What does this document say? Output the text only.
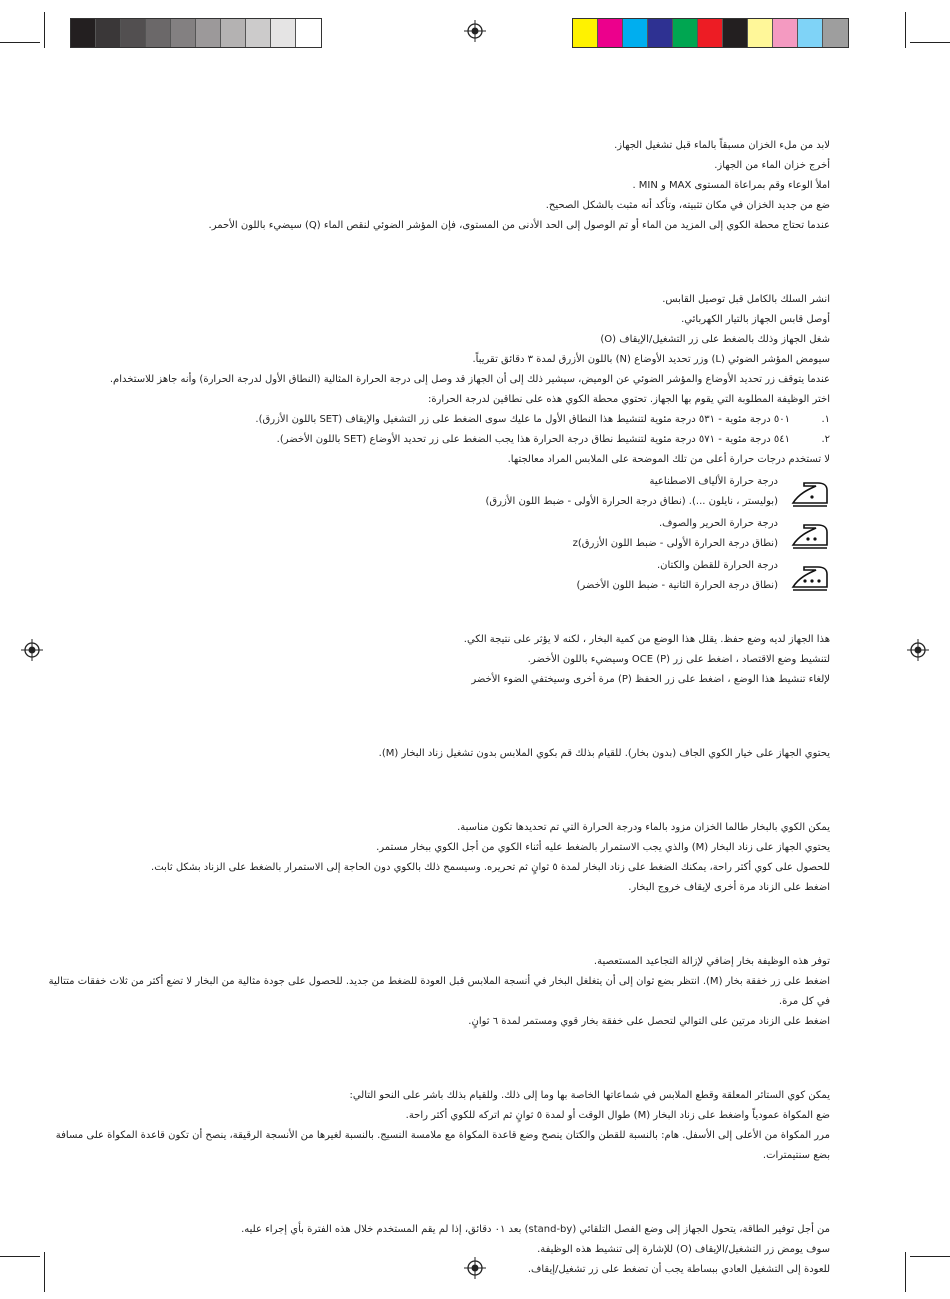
لابد من ملء الخزان مسبقاً بالماء قبل تشغيل الجهاز.
أخرج خزان الماء من الجهاز.
املأ الوعاء وقم بمراعاة المستوى MAX و MIN .
ضع من جديد الخزان في مكان تثبيته، وتأكد أنه مثبت بالشكل الصحيح.
عندما تحتاج محطة الكوي إلى المزيد من الماء أو تم الوصول إلى الحد الأدنى من المستوى، فإن المؤشر الضوئي لنقص الماء (Q) سيضيء باللون الأحمر.
انشر السلك بالكامل قبل توصيل القابس.
أوصل قابس الجهاز بالتيار الكهربائي.
شغل الجهاز وذلك بالضغط على زر التشغيل/الإيقاف (O)
سيومض المؤشر الضوئي (L) وزر تحديد الأوضاع (N) باللون الأزرق لمدة ٣ دقائق تقريباً.
عندما يتوقف زر تحديد الأوضاع والمؤشر الضوئي عن الوميض، سيشير ذلك إلى أن الجهاز قد وصل إلى درجة الحرارة المثالية (النطاق الأول لدرجة الحرارة) وأنه جاهز للاستخدام.
اختر الوظيفة المطلوبة التي يقوم بها الجهاز. تحتوي محطة الكوي هذه على نطاقين لدرجة الحرارة:
١.
٥٠١ درجة مئوية - ٥٣١ درجة مئوية لتنشيط هذا النطاق الأول ما عليك سوى الضغط على زر التشغيل والإيقاف (SET باللون الأزرق).
٢.
٥٤١ درجة مئوية - ٥٧١ درجة مئوية لتنشيط نطاق درجة الحرارة هذا يجب الضغط على زر تحديد الأوضاع (SET باللون الأخضر).
لا تستخدم درجات حرارة أعلى من تلك الموضحة على الملابس المراد معالجتها.
درجة حرارة الألياف الاصطناعية
(بوليستر ، نايلون ...). (نطاق درجة الحرارة الأولى - ضبط اللون الأزرق)
درجة حرارة الحرير والصوف.
(نطاق درجة الحرارة الأولى - ضبط اللون الأزرق)z
درجة الحرارة للقطن والكتان.
(نطاق درجة الحرارة الثانية - ضبط اللون الأخضر)
هذا الجهاز لديه وضع حفظ. يقلل هذا الوضع من كمية البخار ، لكنه لا يؤثر على نتيجة الكي.
لتنشيط وضع الاقتصاد ، اضغط على زر OCE (P) وسيضيء باللون الأخضر.
لإلغاء تنشيط هذا الوضع ، اضغط على زر الحفظ (P) مرة أخرى وسيختفي الضوء الأخضر
يحتوي الجهاز على خيار الكوي الجاف (بدون بخار). للقيام بذلك قم بكوي الملابس بدون تشغيل زناد البخار (M).
يمكن الكوي بالبخار طالما الخزان مزود بالماء ودرجة الحرارة التي تم تحديدها تكون مناسبة.
يحتوي الجهاز على زناد البخار (M) والذي يجب الاستمرار بالضغط عليه أثناء الكوي من أجل الكوي ببخار مستمر.
للحصول على كوي أكثر راحة، يمكنك الضغط على زناد البخار لمدة ٥ ثوانٍ ثم تحريره. وسيسمح ذلك بالكوي دون الحاجة إلى الاستمرار بالضغط على الزناد بشكل ثابت.
اضغط على الزناد مرة أخرى لإيقاف خروج البخار.
توفر هذه الوظيفة بخار إضافي لإزالة التجاعيد المستعصية.
اضغط على زر خفقة بخار (M). انتظر بضع ثوان إلى أن يتغلغل البخار في أنسجة الملابس قبل العودة للضغط من جديد. للحصول على جودة مثالية من البخار لا تضع أكثر من ثلاث خفقات متتالية في كل مرة.
اضغط على الزناد مرتين على التوالي لتحصل على خفقة بخار قوي ومستمر لمدة ٦ ثوانٍ.
يمكن كوي الستائر المعلقة وقطع الملابس في شماعاتها الخاصة بها وما إلى ذلك. وللقيام بذلك باشر على النحو التالي:
ضع المكواة عمودياً واضغط على زناد البخار (M) طوال الوقت أو لمدة ٥ ثوانٍ ثم اتركه للكوي أكثر راحة.
مرر المكواة من الأعلى إلى الأسفل. هام: بالنسبة للقطن والكتان ينصح وضع قاعدة المكواة مع ملامسة النسيج. بالنسبة لغيرها من الأنسجة الرقيقة، ينصح أن تكون قاعدة المكواة على مسافة بضع سنتيمترات.
من أجل توفير الطاقة، يتحول الجهاز إلى وضع الفصل التلقائي (stand-by) بعد ٠١ دقائق، إذا لم يقم المستخدم خلال هذه الفترة بأي إجراء عليه.
سوف يومض زر التشغيل/الإيقاف (O) للإشارة إلى تنشيط هذه الوظيفة.
للعودة إلى التشغيل العادي ببساطة يجب أن تضغط على زر تشغيل/إيقاف.
